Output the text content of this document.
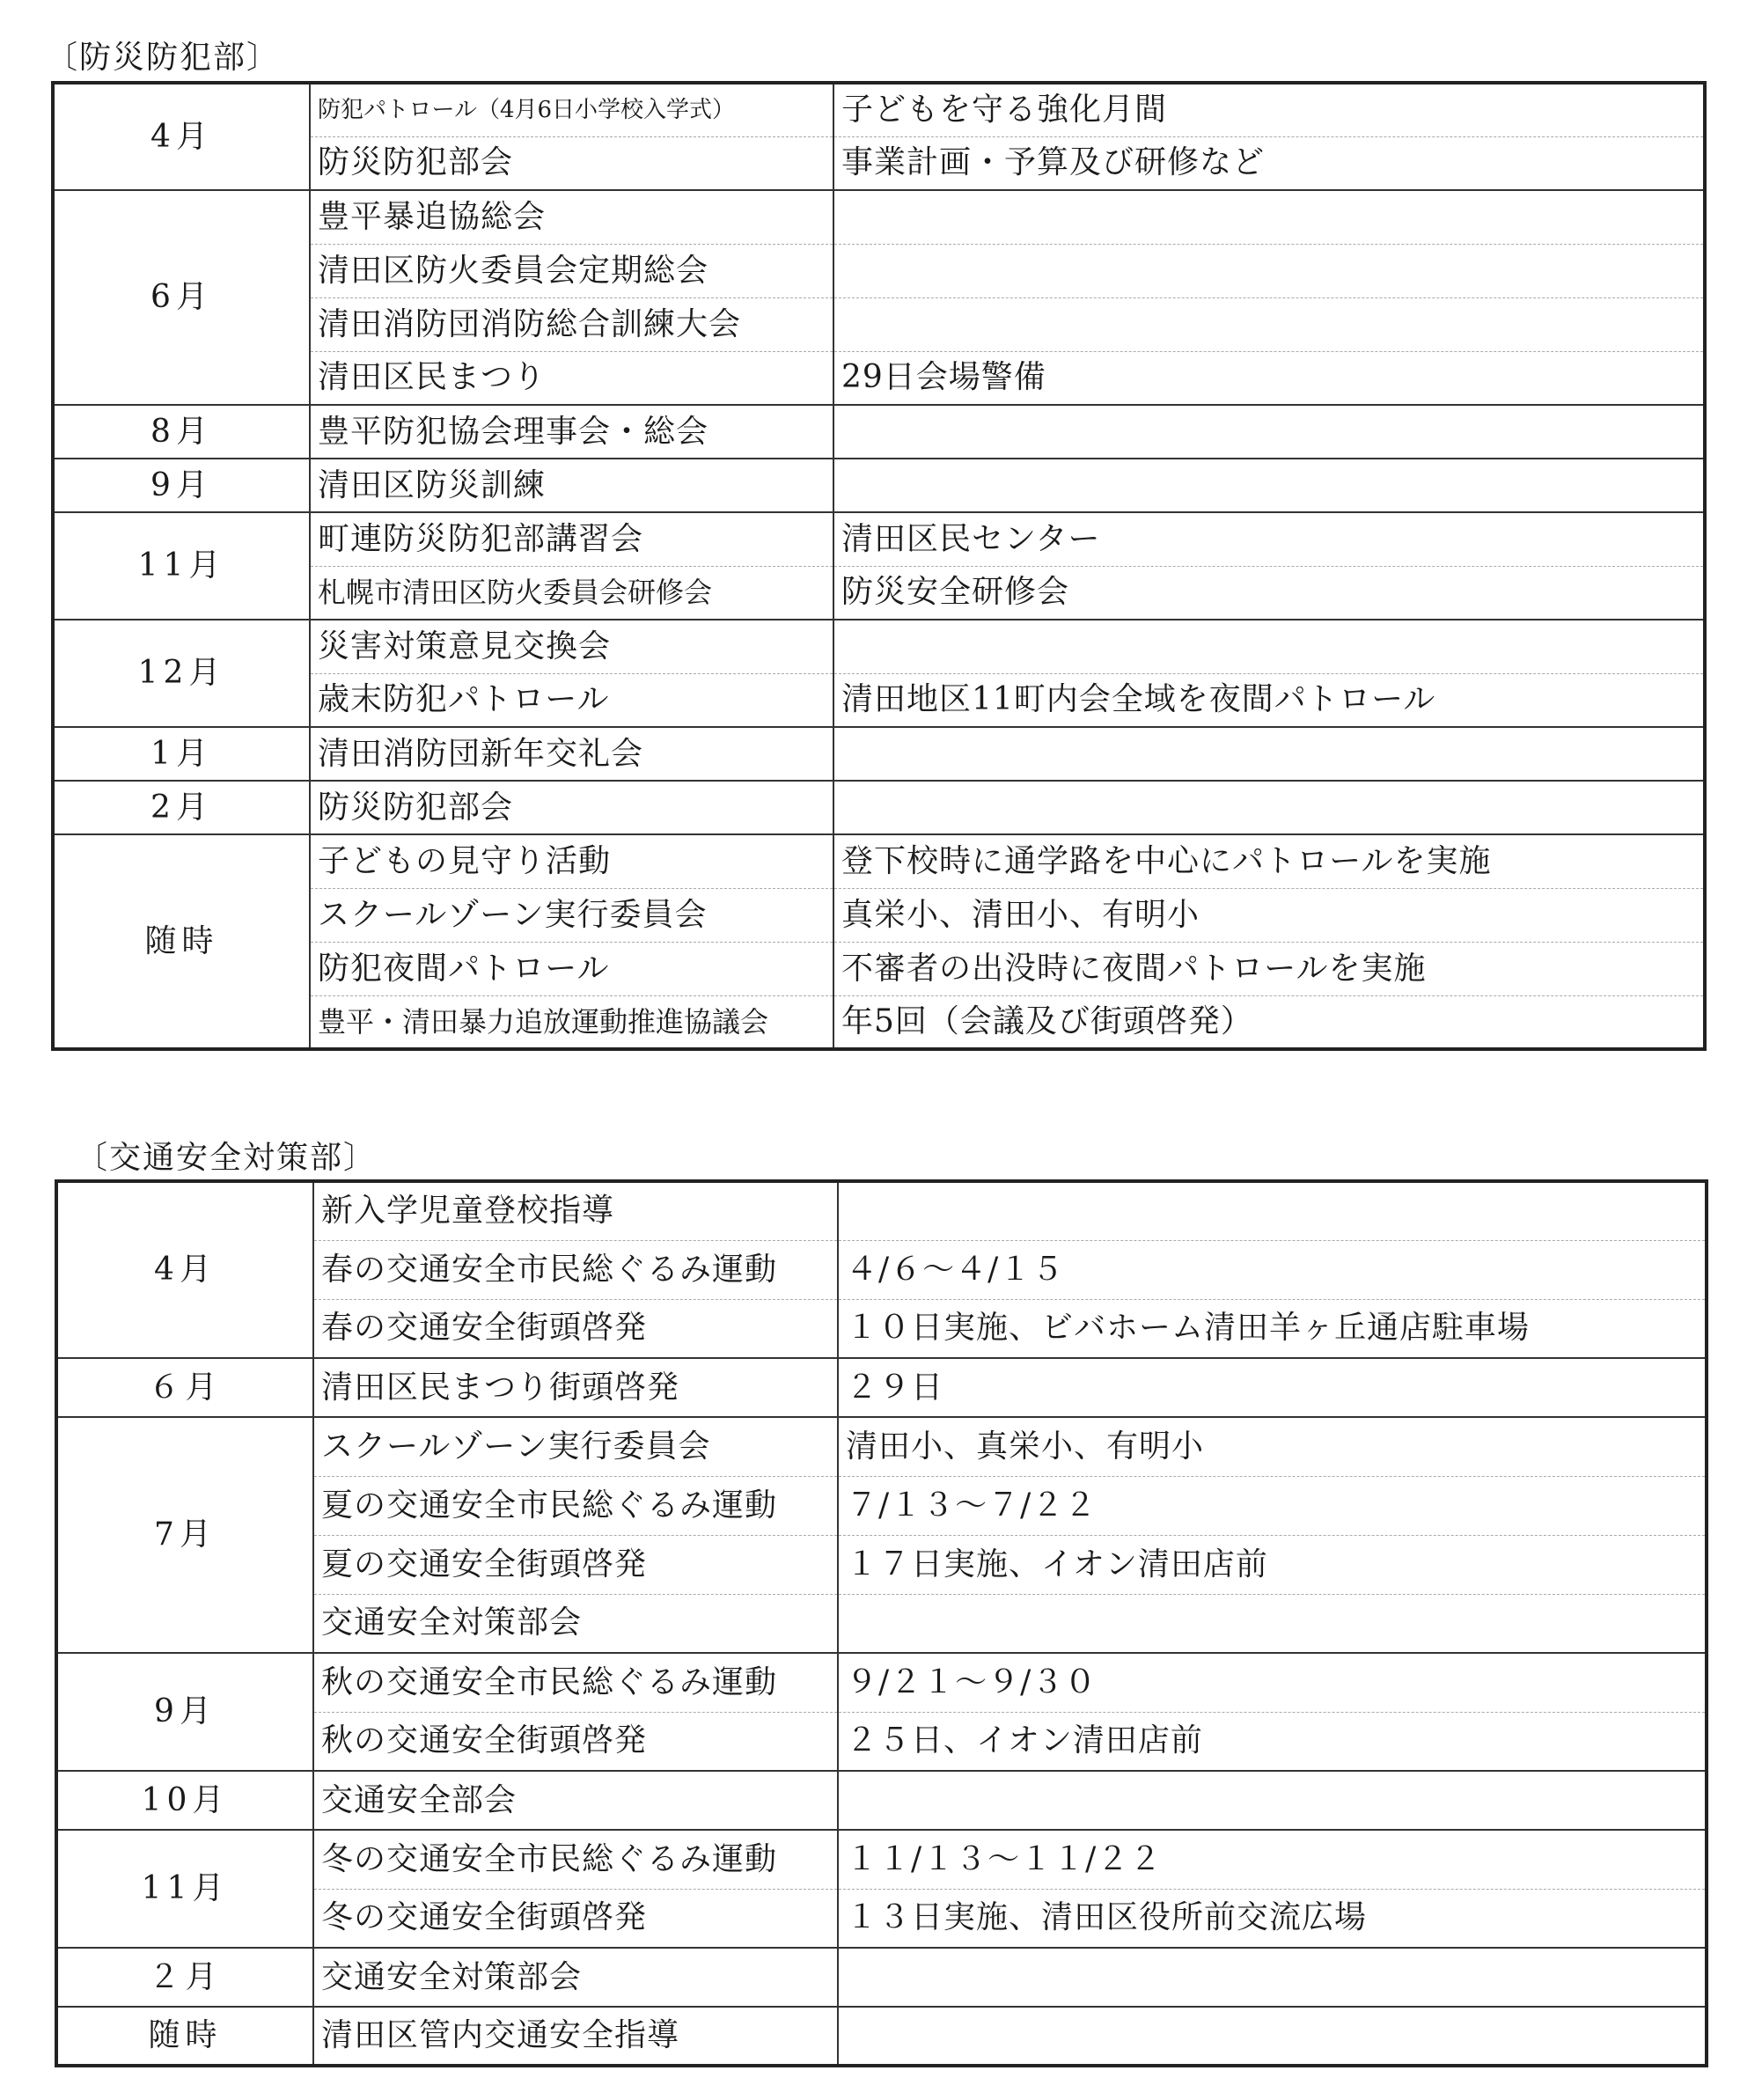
〔防災防犯部〕
4月	防犯パトロール（4月6日小学校入学式）	子どもを守る強化月間
	防災防犯部会	事業計画・予算及び研修など
6月	豊平暴追協総会	
	清田区防火委員会定期総会	
	清田消防団消防総合訓練大会	
	清田区民まつり	29日会場警備
8月	豊平防犯協会理事会・総会	
9月	清田区防災訓練	
11月	町連防災防犯部講習会	清田区民センター
	札幌市清田区防火委員会研修会	防災安全研修会
12月	災害対策意見交換会	
	歳末防犯パトロール	清田地区11町内会全域を夜間パトロール
1月	清田消防団新年交礼会	
2月	防災防犯部会	
随時	子どもの見守り活動	登下校時に通学路を中心にパトロールを実施
	スクールゾーン実行委員会	真栄小、清田小、有明小
	防犯夜間パトロール	不審者の出没時に夜間パトロールを実施
	豊平・清田暴力追放運動推進協議会	年5回（会議及び街頭啓発）
〔交通安全対策部〕
4月	新入学児童登校指導	
	春の交通安全市民総ぐるみ運動	４/６～４/１５
	春の交通安全街頭啓発	１０日実施、ビバホーム清田羊ヶ丘通店駐車場
６月	清田区民まつり街頭啓発	２９日
7月	スクールゾーン実行委員会	清田小、真栄小、有明小
	夏の交通安全市民総ぐるみ運動	７/１３～７/２２
	夏の交通安全街頭啓発	１７日実施、イオン清田店前
	交通安全対策部会	
9月	秋の交通安全市民総ぐるみ運動	９/２１～９/３０
	秋の交通安全街頭啓発	２５日、イオン清田店前
10月	交通安全部会	
11月	冬の交通安全市民総ぐるみ運動	１１/１３～１１/２２
	冬の交通安全街頭啓発	１３日実施、清田区役所前交流広場
２月	交通安全対策部会	
随時	清田区管内交通安全指導	
